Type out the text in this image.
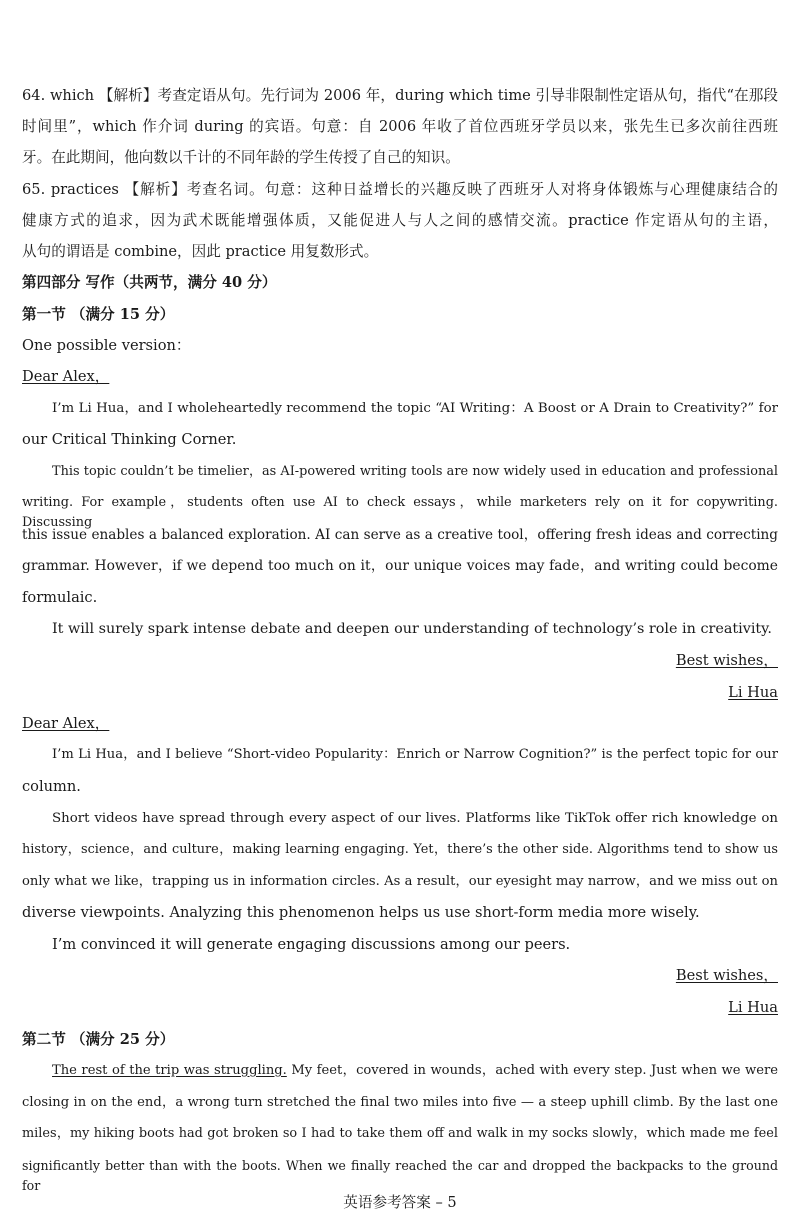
64. which 【解析】考查定语从句。先行词为 2006 年，during which time 引导非限制性定语从句，指代“在那段
时间里”，which 作介词 during 的宾语。句意：自 2006 年收了首位西班牙学员以来，张先生已多次前往西班
牙。在此期间，他向数以千计的不同年龄的学生传授了自己的知识。
65. practices 【解析】考查名词。句意：这种日益增长的兴趣反映了西班牙人对将身体锻炼与心理健康结合的
健康方式的追求，因为武术既能增强体质，又能促进人与人之间的感情交流。practice 作定语从句的主语，
从句的谓语是 combine，因此 practice 用复数形式。
第四部分 写作（共两节，满分 40 分）
第一节 （满分 15 分）
One possible version：
Dear Alex，
I’m Li Hua，and I wholeheartedly recommend the topic “AI Writing：A Boost or A Drain to Creativity?” for
our Critical Thinking Corner.
This topic couldn’t be timelier，as AI-powered writing tools are now widely used in education and professional
writing. For example，students often use AI to check essays，while marketers rely on it for copywriting. Discussing
this issue enables a balanced exploration. AI can serve as a creative tool，offering fresh ideas and correcting
grammar. However，if we depend too much on it，our unique voices may fade，and writing could become
formulaic.
It will surely spark intense debate and deepen our understanding of technology’s role in creativity.
Best wishes，
Li Hua
Dear Alex，
I’m Li Hua，and I believe “Short-video Popularity：Enrich or Narrow Cognition?” is the perfect topic for our
column.
Short videos have spread through every aspect of our lives. Platforms like TikTok offer rich knowledge on
history，science，and culture，making learning engaging. Yet，there’s the other side. Algorithms tend to show us
only what we like，trapping us in information circles. As a result，our eyesight may narrow，and we miss out on
diverse viewpoints. Analyzing this phenomenon helps us use short-form media more wisely.
I’m convinced it will generate engaging discussions among our peers.
Best wishes，
Li Hua
第二节 （满分 25 分）
The rest of the trip was struggling. My feet，covered in wounds，ached with every step. Just when we were
closing in on the end，a wrong turn stretched the final two miles into five — a steep uphill climb. By the last one
miles，my hiking boots had got broken so I had to take them off and walk in my socks slowly，which made me feel
significantly better than with the boots. When we finally reached the car and dropped the backpacks to the ground for
英语参考答案 – 5
